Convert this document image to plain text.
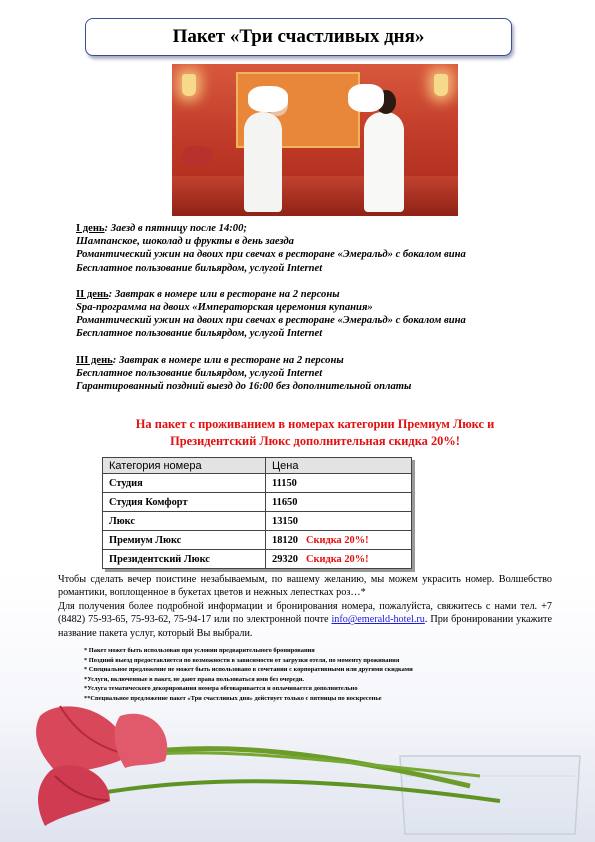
Пакет «Три счастливых дня»

I день: Заезд в пятницу после 14:00;

Шампанское, шоколад и фрукты в день заезда

Романтический ужин на двоих при свечах в ресторане «Эмеральд» с бокалом вина

Бесплатное пользование бильярдом, услугой Internet

II день: Завтрак в номере или в ресторане на 2 персоны

Spa-программа на двоих «Императорская церемония купания»

Романтический ужин на двоих при свечах в ресторане «Эмеральд» с бокалом вина

Бесплатное пользование бильярдом, услугой Internet

III день: Завтрак в номере или в ресторане на 2 персоны

Бесплатное пользование бильярдом, услугой Internet

Гарантированный поздний выезд до 16:00 без дополнительной оплаты

На пакет с проживанием в номерах категории Премиум Люкс и
Президентский Люкс дополнительная скидка 20%!
Категория номера	Цена
Студия	11150
Студия Комфорт	11650
Люкс	13150
Премиум Люкс	18120 Скидка 20%!
Президентский Люкс	29320 Скидка 20%!

Чтобы сделать вечер поистине незабываемым, по вашему желанию, мы можем украсить номер. Волшебство романтики, воплощенное в букетах цветов и нежных лепестках роз…*

Для получения более подробной информации и бронирования номера, пожалуйста, свяжитесь с нами тел. +7 (8482) 75-93-65, 75-93-62, 75-94-17 или по электронной почте info@emerald-hotel.ru. При бронировании укажите название пакета услуг, который Вы выбрали.

* Пакет может быть использован при условии предварительного бронирования

* Поздний выезд предоставляется по возможности в зависимости от загрузки отеля, по моменту проживания

* Специальное предложение не может быть использовано в сочетании с корпоративными или другими скидками

*Услуги, включенные в пакет, не дают права пользоваться ими без очереди.

*Услуга тематического декорирования номера обговаривается и оплачивается дополнительно

**Специальное предложение пакет «Три счастливых дня» действует только с пятницы по воскресенье
